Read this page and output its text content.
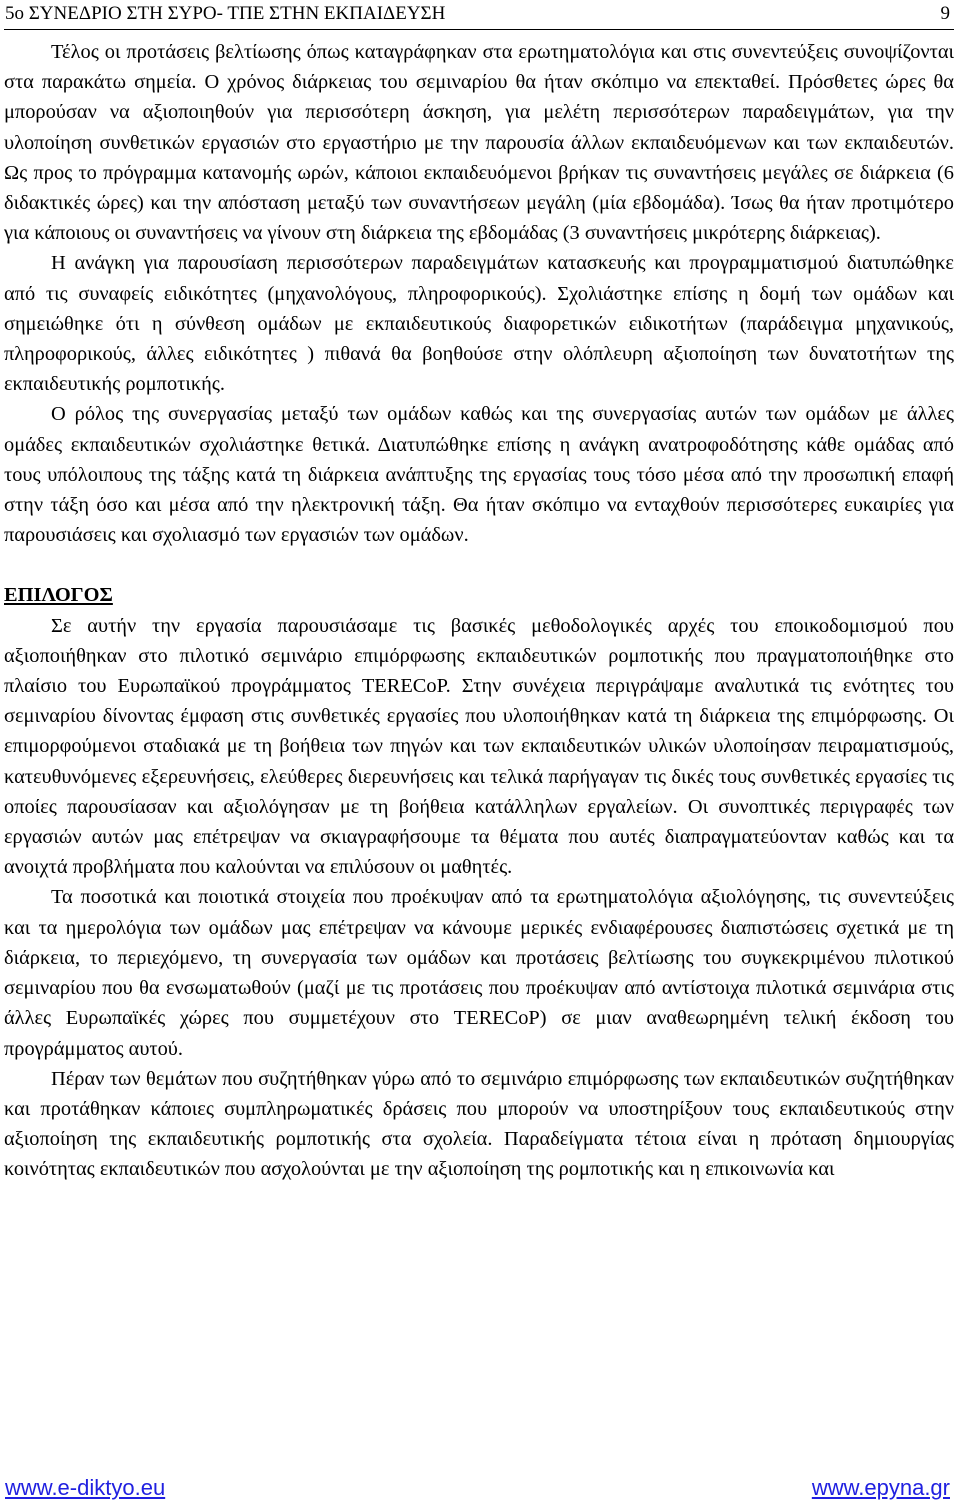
5ο ΣΥΝΕΔΡΙΟ ΣΤΗ ΣΥΡΟ- ΤΠΕ ΣΤΗΝ ΕΚΠΑΙΔΕΥΣΗ	9

Τέλος οι προτάσεις βελτίωσης όπως καταγράφηκαν στα ερωτηματολόγια και στις συνεντεύξεις συνοψίζονται στα παρακάτω σημεία. Ο χρόνος διάρκειας του σεμιναρίου θα ήταν σκόπιμο να επεκταθεί. Πρόσθετες ώρες θα μπορούσαν να αξιοποιηθούν για περισσότερη άσκηση, για μελέτη περισσότερων παραδειγμάτων, για την υλοποίηση συνθετικών εργασιών στο εργαστήριο με την παρουσία άλλων εκπαιδευόμενων και των εκπαιδευτών. Ως προς το πρόγραμμα κατανομής ωρών, κάποιοι εκπαιδευόμενοι βρήκαν τις συναντήσεις μεγάλες σε διάρκεια (6 διδακτικές ώρες) και την απόσταση μεταξύ των συναντήσεων μεγάλη (μία εβδομάδα). Ίσως θα ήταν προτιμότερο για κάποιους οι συναντήσεις να γίνουν στη διάρκεια της εβδομάδας (3 συναντήσεις μικρότερης διάρκειας).

Η ανάγκη για παρουσίαση περισσότερων παραδειγμάτων κατασκευής και προγραμματισμού διατυπώθηκε από τις συναφείς ειδικότητες (μηχανολόγους, πληροφορικούς). Σχολιάστηκε επίσης η δομή των ομάδων και σημειώθηκε ότι η σύνθεση ομάδων με εκπαιδευτικούς διαφορετικών ειδικοτήτων (παράδειγμα μηχανικούς, πληροφορικούς, άλλες ειδικότητες ) πιθανά θα βοηθούσε στην ολόπλευρη αξιοποίηση των δυνατοτήτων της εκπαιδευτικής ρομποτικής.

Ο ρόλος της συνεργασίας μεταξύ των ομάδων καθώς και της συνεργασίας αυτών των ομάδων με άλλες ομάδες εκπαιδευτικών σχολιάστηκε θετικά. Διατυπώθηκε επίσης η ανάγκη ανατροφοδότησης κάθε ομάδας από τους υπόλοιπους της τάξης κατά τη διάρκεια ανάπτυξης της εργασίας τους τόσο μέσα από την προσωπική επαφή στην τάξη όσο και μέσα από την ηλεκτρονική τάξη. Θα ήταν σκόπιμο να ενταχθούν περισσότερες ευκαιρίες για παρουσιάσεις και σχολιασμό των εργασιών των ομάδων.

ΕΠΙΛΟΓΟΣ

Σε αυτήν την εργασία παρουσιάσαμε τις βασικές μεθοδολογικές αρχές του εποικοδομισμού που αξιοποιήθηκαν στο πιλοτικό σεμινάριο επιμόρφωσης εκπαιδευτικών ρομποτικής που πραγματοποιήθηκε στο πλαίσιο του Ευρωπαϊκού προγράμματος TERECoP. Στην συνέχεια περιγράψαμε αναλυτικά τις ενότητες του σεμιναρίου δίνοντας έμφαση στις συνθετικές εργασίες που υλοποιήθηκαν κατά τη διάρκεια της επιμόρφωσης. Οι επιμορφούμενοι σταδιακά με τη βοήθεια των πηγών και των εκπαιδευτικών υλικών υλοποίησαν πειραματισμούς, κατευθυνόμενες εξερευνήσεις, ελεύθερες διερευνήσεις και τελικά παρήγαγαν τις δικές τους συνθετικές εργασίες τις οποίες παρουσίασαν και αξιολόγησαν με τη βοήθεια κατάλληλων εργαλείων. Οι συνοπτικές περιγραφές των εργασιών αυτών μας επέτρεψαν να σκιαγραφήσουμε τα θέματα που αυτές διαπραγματεύονταν καθώς και τα ανοιχτά προβλήματα που καλούνται να επιλύσουν οι μαθητές.

Τα ποσοτικά και ποιοτικά στοιχεία που προέκυψαν από τα ερωτηματολόγια αξιολόγησης, τις συνεντεύξεις και τα ημερολόγια των ομάδων μας επέτρεψαν να κάνουμε μερικές ενδιαφέρουσες διαπιστώσεις σχετικά με τη διάρκεια, το περιεχόμενο, τη συνεργασία των ομάδων και προτάσεις βελτίωσης του συγκεκριμένου πιλοτικού σεμιναρίου που θα ενσωματωθούν (μαζί με τις προτάσεις που προέκυψαν από αντίστοιχα πιλοτικά σεμινάρια στις άλλες Ευρωπαϊκές χώρες που συμμετέχουν στο TERECoP) σε μιαν αναθεωρημένη τελική έκδοση του προγράμματος αυτού.

Πέραν των θεμάτων που συζητήθηκαν γύρω από το σεμινάριο επιμόρφωσης των εκπαιδευτικών συζητήθηκαν και προτάθηκαν κάποιες συμπληρωματικές δράσεις που μπορούν να υποστηρίξουν τους εκπαιδευτικούς στην αξιοποίηση της εκπαιδευτικής ρομποτικής στα σχολεία. Παραδείγματα τέτοια είναι η πρόταση δημιουργίας κοινότητας εκπαιδευτικών που ασχολούνται με την αξιοποίηση της ρομποτικής και η επικοινωνία και

www.e-diktyo.eu	www.epyna.gr
